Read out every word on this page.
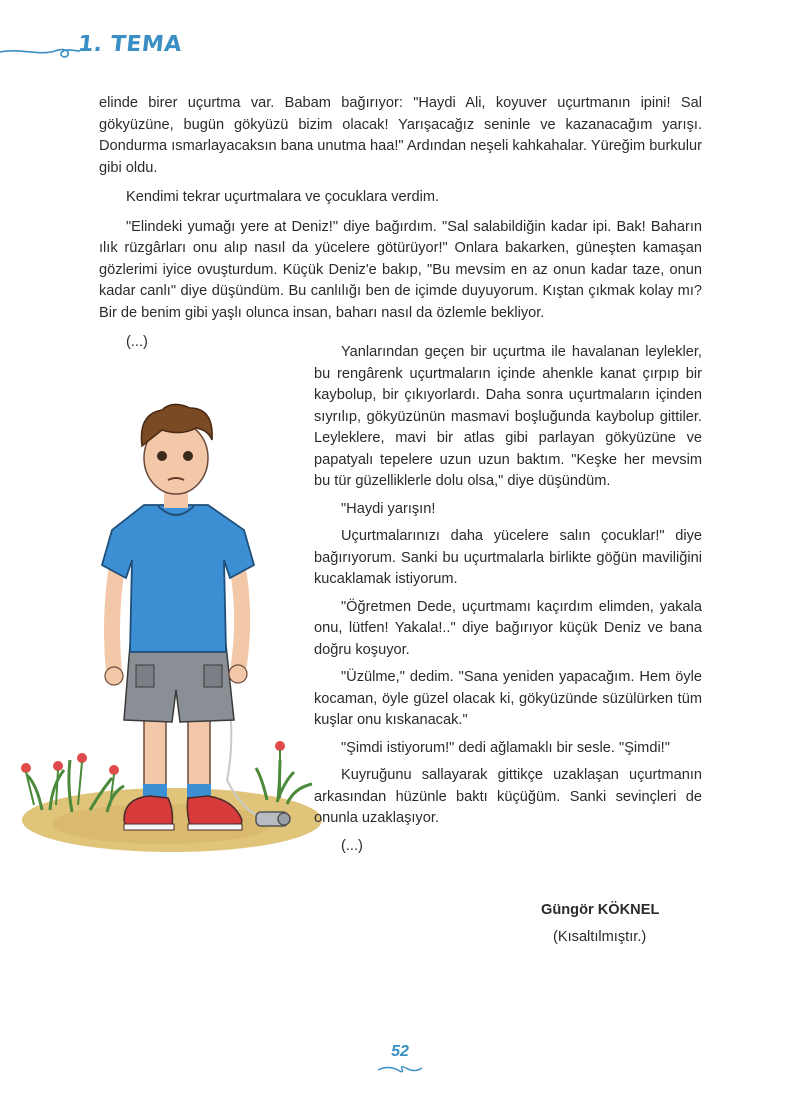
1. TEMA

elinde birer uçurtma var. Babam bağırıyor: "Haydi Ali, koyuver uçurtmanın ipini! Sal gökyüzüne, bugün gökyüzü bizim olacak! Yarışacağız seninle ve kazanacağım yarışı. Dondurma ısmarlayacaksın bana unutma haa!" Ardından neşeli kahkahalar. Yüreğim burkulur gibi oldu.

Kendimi tekrar uçurtmalara ve çocuklara verdim.

"Elindeki yumağı yere at Deniz!" diye bağırdım. "Sal salabildiğin kadar ipi. Bak! Baharın ılık rüzgârları onu alıp nasıl da yücelere götürüyor!" Onlara bakarken, güneşten kamaşan gözlerimi iyice ovuşturdum. Küçük Deniz'e bakıp, "Bu mevsim en az onun kadar taze, onun kadar canlı" diye düşündüm. Bu canlılığı ben de içimde duyuyorum. Kıştan çıkmak kolay mı? Bir de benim gibi yaşlı olunca insan, baharı nasıl da özlemle bekliyor.

(...)

Yanlarından geçen bir uçurtma ile havalanan leylekler, bu rengârenk uçurtmaların içinde ahenkle kanat çırpıp bir kaybolup, bir çıkıyorlardı. Daha sonra uçurtmaların içinden sıyrılıp, gökyüzünün masmavi boşluğunda kaybolup gittiler. Leyleklere, mavi bir atlas gibi parlayan gökyüzüne ve papatyalı tepelere uzun uzun baktım. "Keşke her mevsim bu tür güzelliklerle dolu olsa," diye düşündüm.

"Haydi yarışın!

Uçurtmalarınızı daha yücelere salın çocuklar!" diye bağırıyorum. Sanki bu uçurtmalarla birlikte göğün maviliğini kucaklamak istiyorum.

"Öğretmen Dede, uçurtmamı kaçırdım elimden, yakala onu, lütfen! Yakala!.." diye bağırıyor küçük Deniz ve bana doğru koşuyor.

"Üzülme," dedim. "Sana yeniden yapacağım. Hem öyle kocaman, öyle güzel olacak ki, gökyüzünde süzülürken tüm kuşlar onu kıskanacak."

"Şimdi istiyorum!" dedi ağlamaklı bir sesle. "Şimdi!"

Kuyruğunu sallayarak gittikçe uzaklaşan uçurtmanın arkasından hüzünle baktı küçüğüm. Sanki sevinçleri de onunla uzaklaşıyor.

(...)

Güngör KÖKNEL
(Kısaltılmıştır.)
52
